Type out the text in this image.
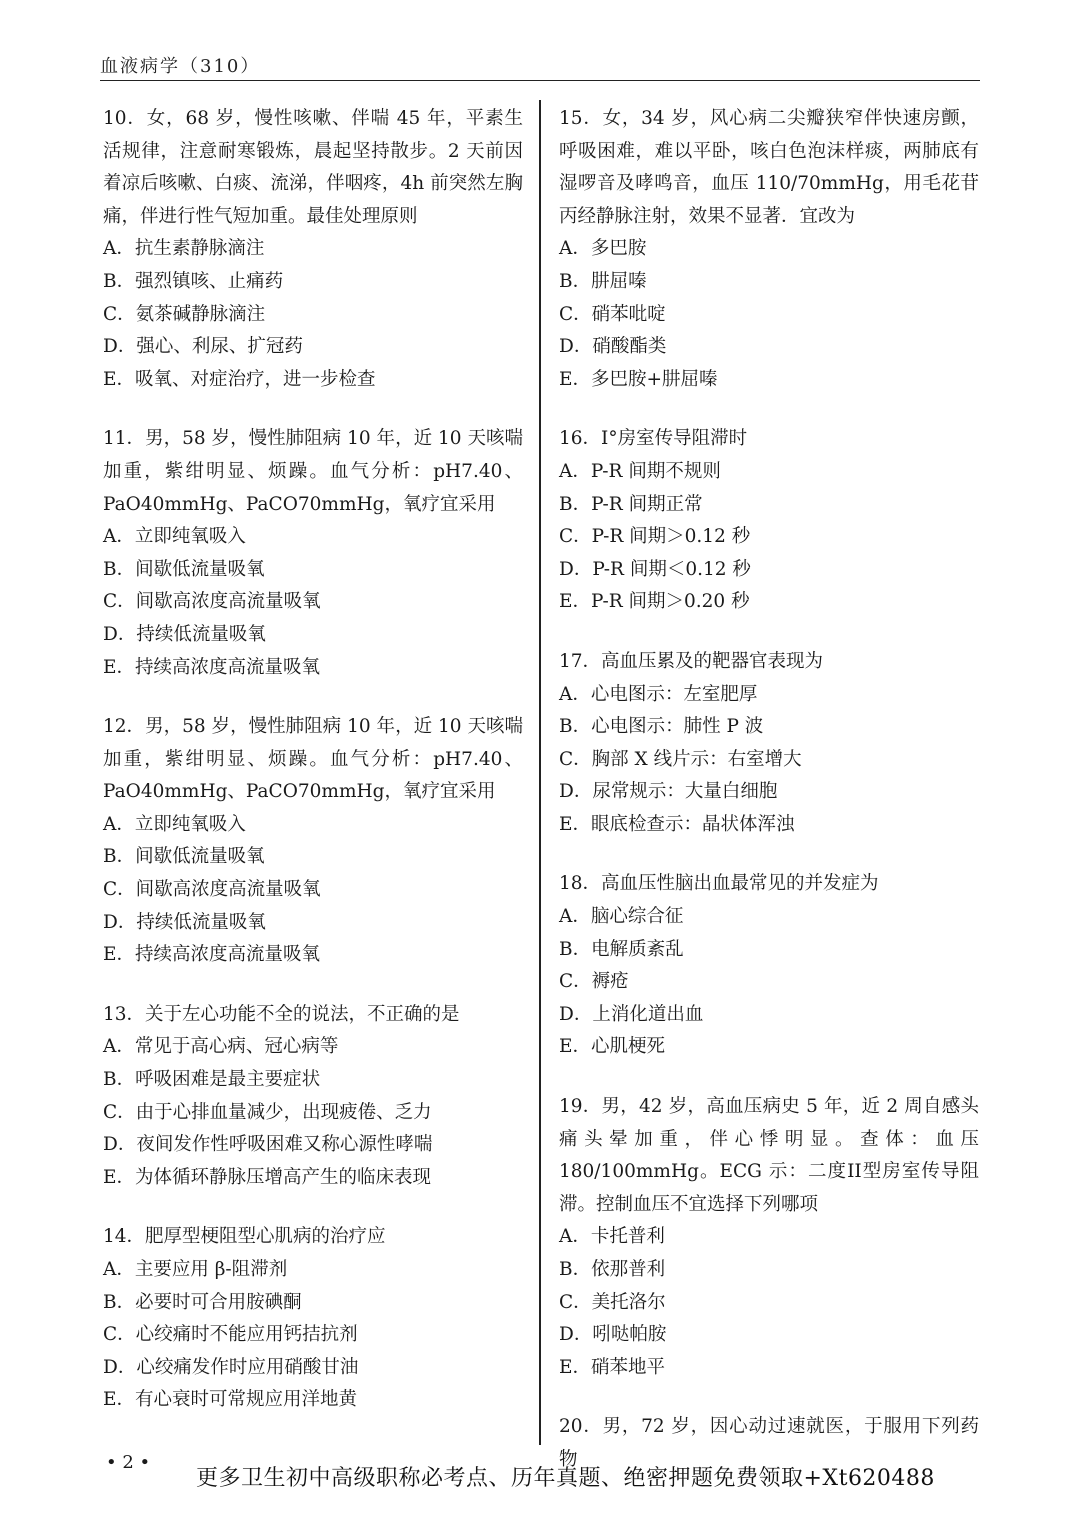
血液病学（310）
10．女，68 岁，慢性咳嗽、伴喘 45 年，平素生活规律，注意耐寒锻炼，晨起坚持散步。2 天前因着凉后咳嗽、白痰、流涕，伴咽疼，4h 前突然左胸痛，伴进行性气短加重。最佳处理原则
A．抗生素静脉滴注
B．强烈镇咳、止痛药
C．氨茶碱静脉滴注
D．强心、利尿、扩冠药
E．吸氧、对症治疗，进一步检查
11．男，58 岁，慢性肺阻病 10 年，近 10 天咳喘加重，紫绀明显、烦躁。血气分析：pH7.40、PaO40mmHg、PaCO70mmHg，氧疗宜采用
A．立即纯氧吸入
B．间歇低流量吸氧
C．间歇高浓度高流量吸氧
D．持续低流量吸氧
E．持续高浓度高流量吸氧
12．男，58 岁，慢性肺阻病 10 年，近 10 天咳喘加重，紫绀明显、烦躁。血气分析：pH7.40、PaO40mmHg、PaCO70mmHg，氧疗宜采用
A．立即纯氧吸入
B．间歇低流量吸氧
C．间歇高浓度高流量吸氧
D．持续低流量吸氧
E．持续高浓度高流量吸氧
13．关于左心功能不全的说法，不正确的是
A．常见于高心病、冠心病等
B．呼吸困难是最主要症状
C．由于心排血量减少，出现疲倦、乏力
D．夜间发作性呼吸困难又称心源性哮喘
E．为体循环静脉压增高产生的临床表现
14．肥厚型梗阻型心肌病的治疗应
A．主要应用 β-阻滞剂
B．必要时可合用胺碘酮
C．心绞痛时不能应用钙拮抗剂
D．心绞痛发作时应用硝酸甘油
E．有心衰时可常规应用洋地黄
15．女，34 岁，风心病二尖瓣狭窄伴快速房颤，呼吸困难，难以平卧，咳白色泡沫样痰，两肺底有湿啰音及哮鸣音，血压 110/70mmHg，用毛花苷丙经静脉注射，效果不显著．宜改为
A．多巴胺
B．肼屈嗪
C．硝苯吡啶
D．硝酸酯类
E．多巴胺+肼屈嗪
16．I°房室传导阻滞时
A．P-R 间期不规则
B．P-R 间期正常
C．P-R 间期＞0.12 秒
D．P-R 间期＜0.12 秒
E．P-R 间期＞0.20 秒
17．高血压累及的靶器官表现为
A．心电图示：左室肥厚
B．心电图示：肺性 P 波
C．胸部 X 线片示：右室增大
D．尿常规示：大量白细胞
E．眼底检查示：晶状体浑浊
18．高血压性脑出血最常见的并发症为
A．脑心综合征
B．电解质紊乱
C．褥疮
D．上消化道出血
E．心肌梗死
19．男，42 岁，高血压病史 5 年，近 2 周自感头痛头晕加重，伴心悸明显。查体：血压 180/100mmHg。ECG 示：二度II型房室传导阻滞。控制血压不宜选择下列哪项
A．卡托普利
B．依那普利
C．美托洛尔
D．吲哒帕胺
E．硝苯地平
20．男，72 岁，因心动过速就医，于服用下列药物
• 2 •
更多卫生初中高级职称必考点、历年真题、绝密押题免费领取+Xt620488
